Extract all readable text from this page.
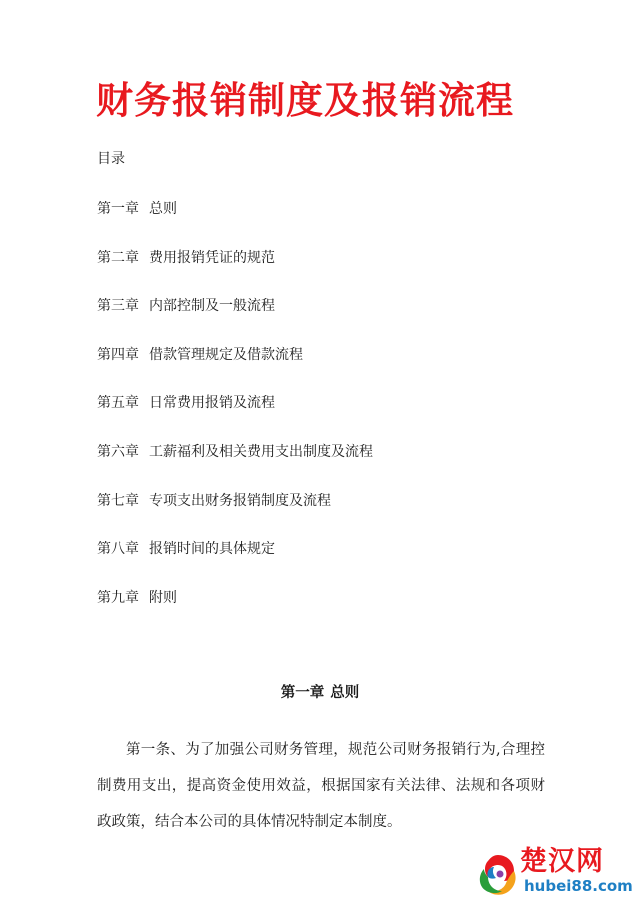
财务报销制度及报销流程
目录
第一章 总则
第二章 费用报销凭证的规范
第三章 内部控制及一般流程
第四章 借款管理规定及借款流程
第五章 日常费用报销及流程
第六章 工薪福利及相关费用支出制度及流程
第七章 专项支出财务报销制度及流程
第八章 报销时间的具体规定
第九章 附则
第一章 总则

第一条、为了加强公司财务管理，规范公司财务报销行为,合理控制费用支出，提高资金使用效益，根据国家有关法律、法规和各项财政政策，结合本公司的具体情况特制定本制度。

楚汉网
hubei88.com
